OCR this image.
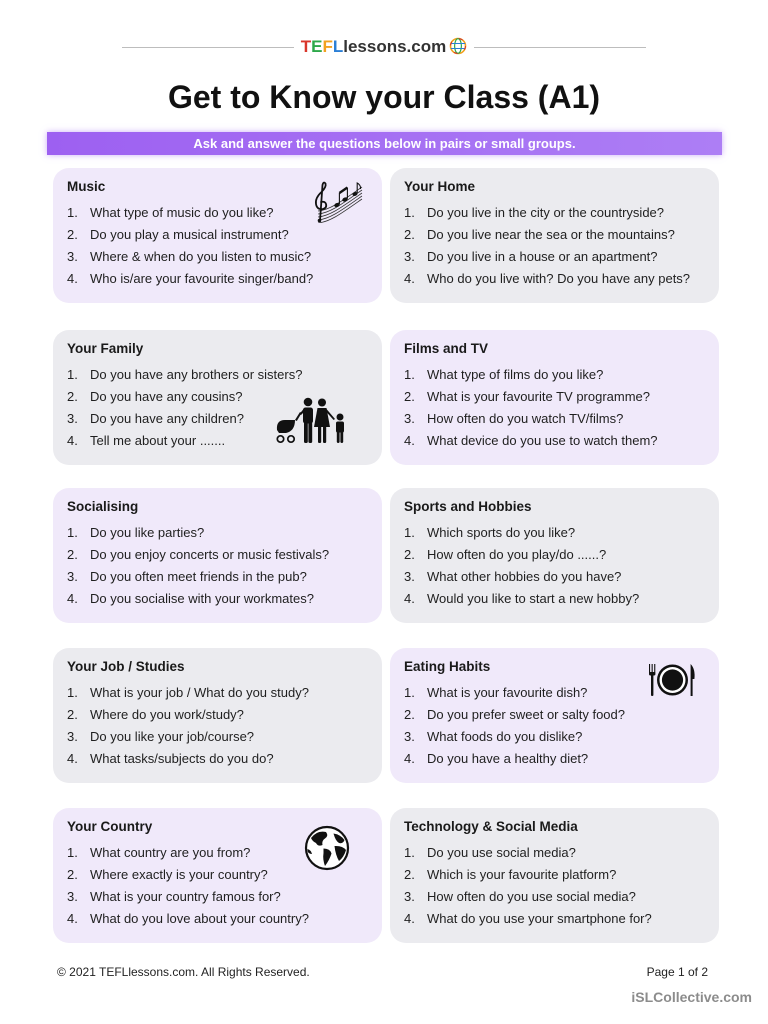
TEFLlessons.com
Get to Know your Class (A1)
Ask and answer the questions below in pairs or small groups.
Music
1. What type of music do you like?
2. Do you play a musical instrument?
3. Where & when do you listen to music?
4. Who is/are your favourite singer/band?
Your Home
1. Do you live in the city or the countryside?
2. Do you live near the sea or the mountains?
3. Do you live in a house or an apartment?
4. Who do you live with? Do you have any pets?
Your Family
1. Do you have any brothers or sisters?
2. Do you have any cousins?
3. Do you have any children?
4. Tell me about your .......
Films and TV
1. What type of films do you like?
2. What is your favourite TV programme?
3. How often do you watch TV/films?
4. What device do you use to watch them?
Socialising
1. Do you like parties?
2. Do you enjoy concerts or music festivals?
3. Do you often meet friends in the pub?
4. Do you socialise with your workmates?
Sports and Hobbies
1. Which sports do you like?
2. How often do you play/do ......?
3. What other hobbies do you have?
4. Would you like to start a new hobby?
Your Job / Studies
1. What is your job / What do you study?
2. Where do you work/study?
3. Do you like your job/course?
4. What tasks/subjects do you do?
Eating Habits
1. What is your favourite dish?
2. Do you prefer sweet or salty food?
3. What foods do you dislike?
4. Do you have a healthy diet?
Your Country
1. What country are you from?
2. Where exactly is your country?
3. What is your country famous for?
4. What do you love about your country?
Technology & Social Media
1. Do you use social media?
2. Which is your favourite platform?
3. How often do you use social media?
4. What do you use your smartphone for?
© 2021 TEFLlessons.com. All Rights Reserved.	Page 1 of 2
iSLCollective.com
